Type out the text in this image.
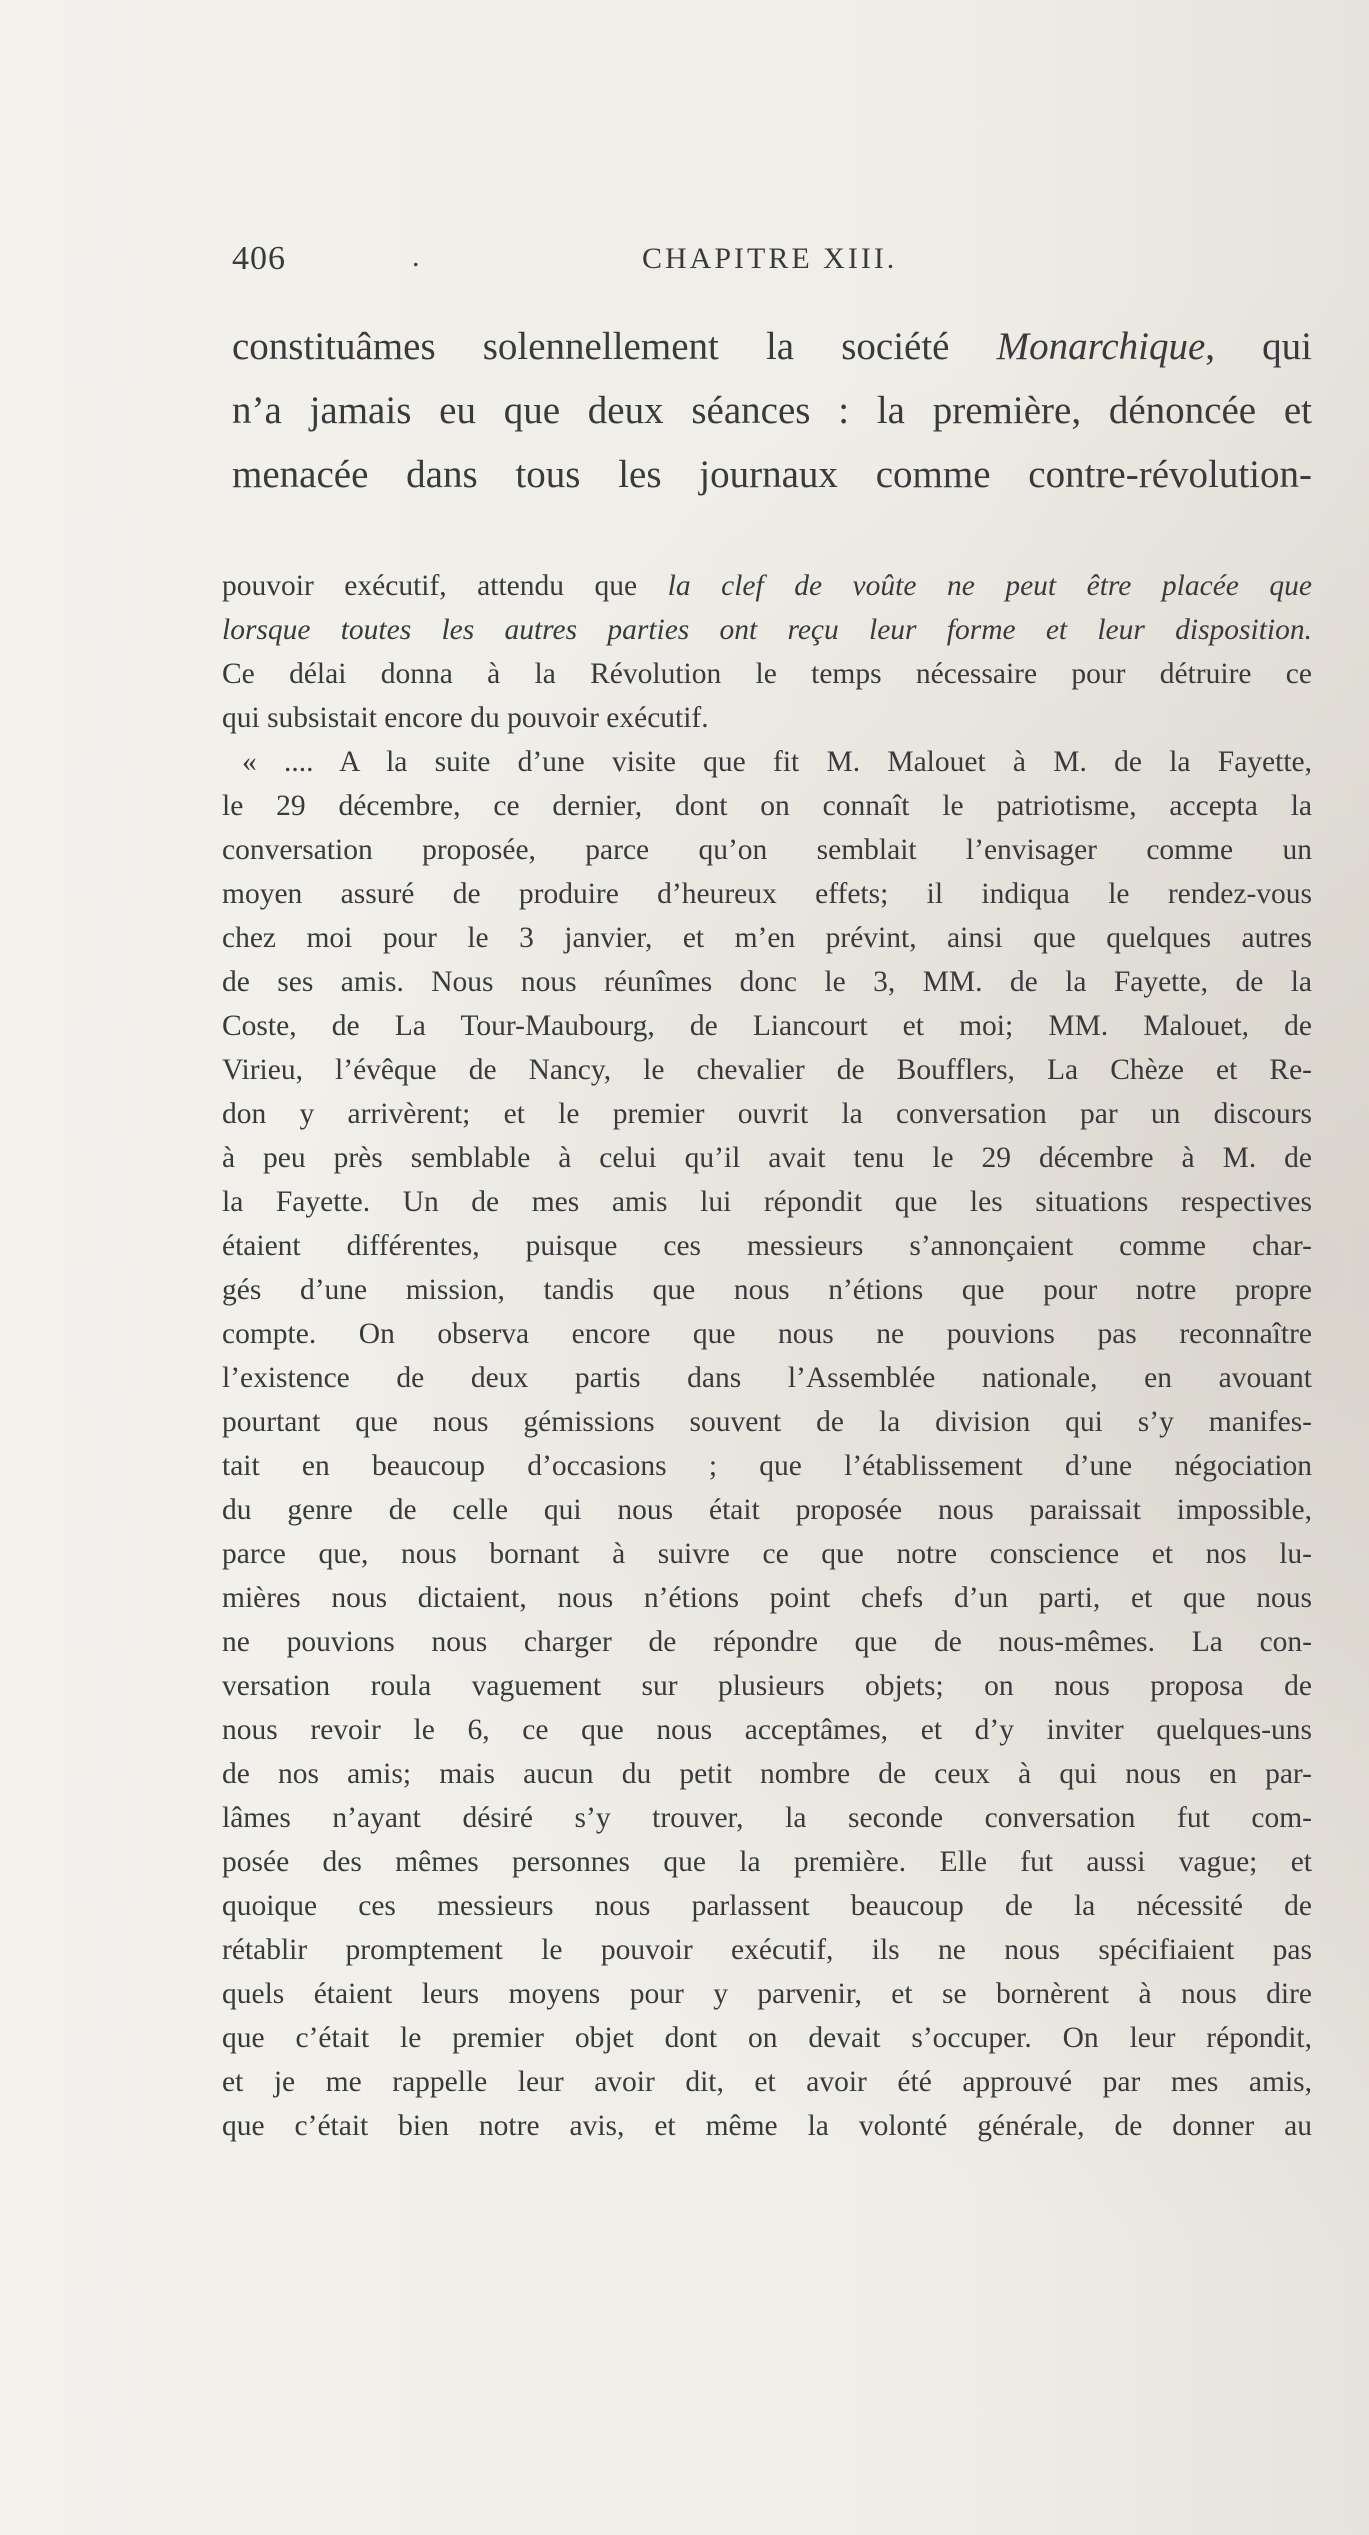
406	.	CHAPITRE XIII.
constituâmes solennellement la société Monarchique, qui
n’a jamais eu que deux séances : la première, dénoncée et
menacée dans tous les journaux comme contre-révolution-
pouvoir exécutif, attendu que la clef de voûte ne peut être placée que
lorsque toutes les autres parties ont reçu leur forme et leur disposition.
Ce délai donna à la Révolution le temps nécessaire pour détruire ce
qui subsistait encore du pouvoir exécutif.
« .... A la suite d’une visite que fit M. Malouet à M. de la Fayette,
le 29 décembre, ce dernier, dont on connaît le patriotisme, accepta la
conversation proposée, parce qu’on semblait l’envisager comme un
moyen assuré de produire d’heureux effets; il indiqua le rendez-vous
chez moi pour le 3 janvier, et m’en prévint, ainsi que quelques autres
de ses amis. Nous nous réunîmes donc le 3, MM. de la Fayette, de la
Coste, de La Tour-Maubourg, de Liancourt et moi; MM. Malouet, de
Virieu, l’évêque de Nancy, le chevalier de Boufflers, La Chèze et Re-
don y arrivèrent; et le premier ouvrit la conversation par un discours
à peu près semblable à celui qu’il avait tenu le 29 décembre à M. de
la Fayette. Un de mes amis lui répondit que les situations respectives
étaient différentes, puisque ces messieurs s’annonçaient comme char-
gés d’une mission, tandis que nous n’étions que pour notre propre
compte. On observa encore que nous ne pouvions pas reconnaître
l’existence de deux partis dans l’Assemblée nationale, en avouant
pourtant que nous gémissions souvent de la division qui s’y manifes-
tait en beaucoup d’occasions ; que l’établissement d’une négociation
du genre de celle qui nous était proposée nous paraissait impossible,
parce que, nous bornant à suivre ce que notre conscience et nos lu-
mières nous dictaient, nous n’étions point chefs d’un parti, et que nous
ne pouvions nous charger de répondre que de nous-mêmes. La con-
versation roula vaguement sur plusieurs objets; on nous proposa de
nous revoir le 6, ce que nous acceptâmes, et d’y inviter quelques-uns
de nos amis; mais aucun du petit nombre de ceux à qui nous en par-
lâmes n’ayant désiré s’y trouver, la seconde conversation fut com-
posée des mêmes personnes que la première. Elle fut aussi vague; et
quoique ces messieurs nous parlassent beaucoup de la nécessité de
rétablir promptement le pouvoir exécutif, ils ne nous spécifiaient pas
quels étaient leurs moyens pour y parvenir, et se bornèrent à nous dire
que c’était le premier objet dont on devait s’occuper. On leur répondit,
et je me rappelle leur avoir dit, et avoir été approuvé par mes amis,
que c’était bien notre avis, et même la volonté générale, de donner au
